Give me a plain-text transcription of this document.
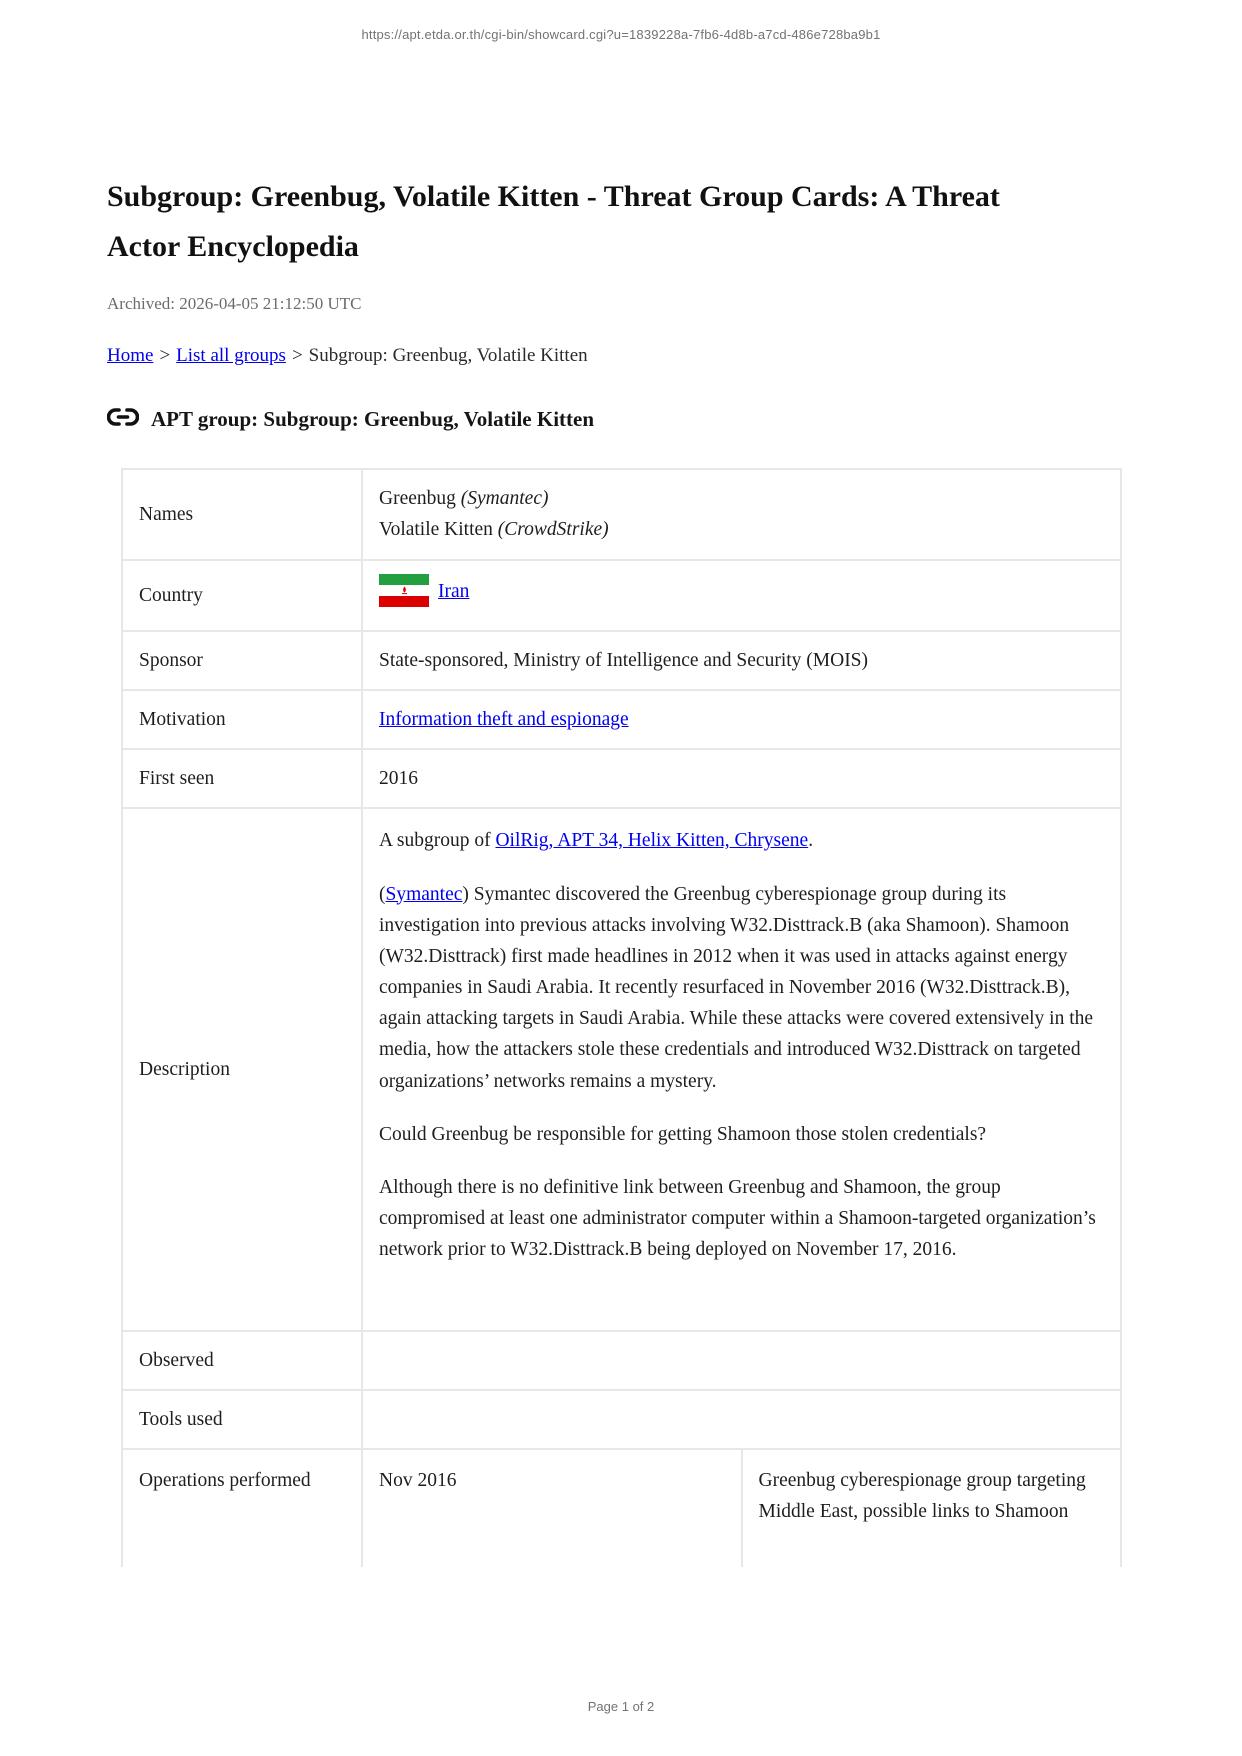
https://apt.etda.or.th/cgi-bin/showcard.cgi?u=1839228a-7fb6-4d8b-a7cd-486e728ba9b1
Subgroup: Greenbug, Volatile Kitten - Threat Group Cards: A Threat Actor Encyclopedia
Archived: 2026-04-05 21:12:50 UTC
Home > List all groups > Subgroup: Greenbug, Volatile Kitten
APT group: Subgroup: Greenbug, Volatile Kitten
Names	Greenbug (Symantec)
Volatile Kitten (CrowdStrike)	

Country	Iran	

Sponsor	State-sponsored, Ministry of Intelligence and Security (MOIS)	
Motivation	Information theft and espionage	
First seen	2016	
Description	A subgroup of OilRig, APT 34, Helix Kitten, Chrysene.

(Symantec) Symantec discovered the Greenbug cyberespionage group during its investigation into previous attacks involving W32.Disttrack.B (aka Shamoon). Shamoon (W32.Disttrack) first made headlines in 2012 when it was used in attacks against energy companies in Saudi Arabia. It recently resurfaced in November 2016 (W32.Disttrack.B), again attacking targets in Saudi Arabia. While these attacks were covered extensively in the media, how the attackers stole these credentials and introduced W32.Disttrack on targeted organizations’ networks remains a mystery.

Could Greenbug be responsible for getting Shamoon those stolen credentials?

Although there is no definitive link between Greenbug and Shamoon, the group compromised at least one administrator computer within a Shamoon-targeted organization’s network prior to W32.Disttrack.B being deployed on November 17, 2016.	

Observed		
Tools used		
Operations performed	Nov 2016	Greenbug cyberespionage group targeting Middle East, possible links to Shamoon
Page 1 of 2
